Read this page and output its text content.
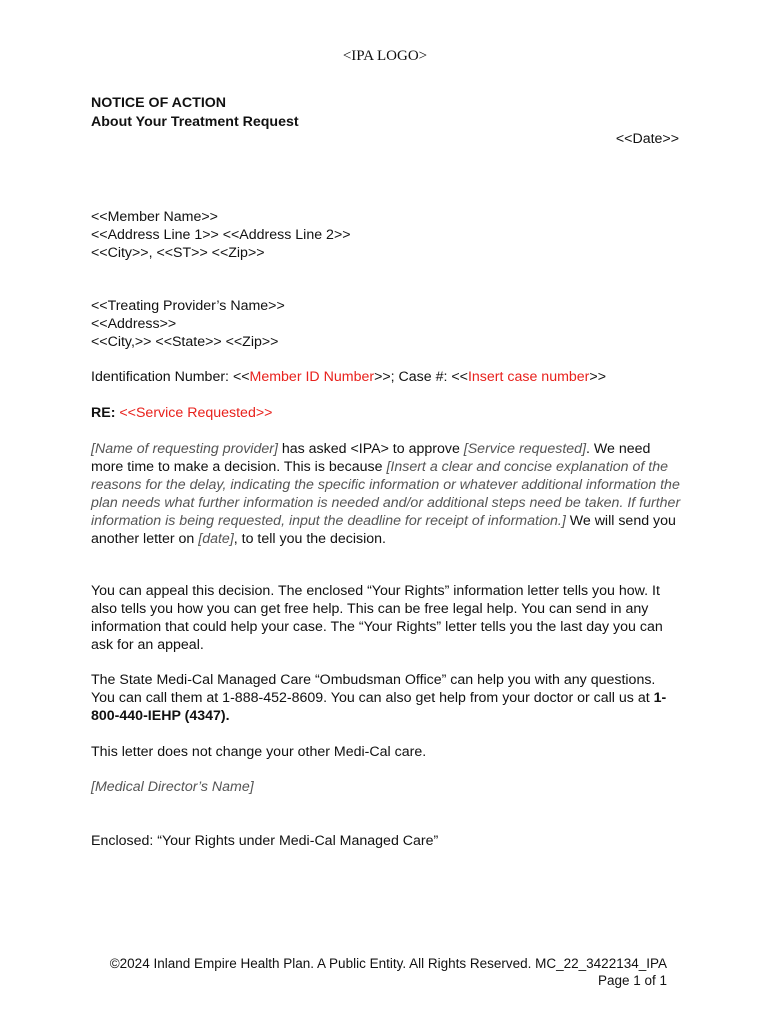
<IPA LOGO>
NOTICE OF ACTION
About Your Treatment Request
<<Date>>
<<Member Name>>
<<Address Line 1>> <<Address Line 2>>
<<City>>, <<ST>> <<Zip>>
<<Treating Provider’s Name>>
<<Address>>
<<City,>> <<State>> <<Zip>>
Identification Number: <<Member ID Number>>; Case #: <<Insert case number>>
RE: <<Service Requested>>

[Name of requesting provider] has asked <IPA> to approve [Service requested]. We need more time to make a decision. This is because [Insert a clear and concise explanation of the reasons for the delay, indicating the specific information or whatever additional information the plan needs what further information is needed and/or additional steps need be taken. If further information is being requested, input the deadline for receipt of information.] We will send you another letter on [date], to tell you the decision.

You can appeal this decision. The enclosed “Your Rights” information letter tells you how. It also tells you how you can get free help. This can be free legal help. You can send in any information that could help your case. The “Your Rights” letter tells you the last day you can ask for an appeal.

The State Medi-Cal Managed Care “Ombudsman Office” can help you with any questions. You can call them at 1-888-452-8609. You can also get help from your doctor or call us at 1-800-440-IEHP (4347).

This letter does not change your other Medi-Cal care.

[Medical Director’s Name]
Enclosed: “Your Rights under Medi-Cal Managed Care”
©2024 Inland Empire Health Plan. A Public Entity. All Rights Reserved. MC_22_3422134_IPA
Page 1 of 1
